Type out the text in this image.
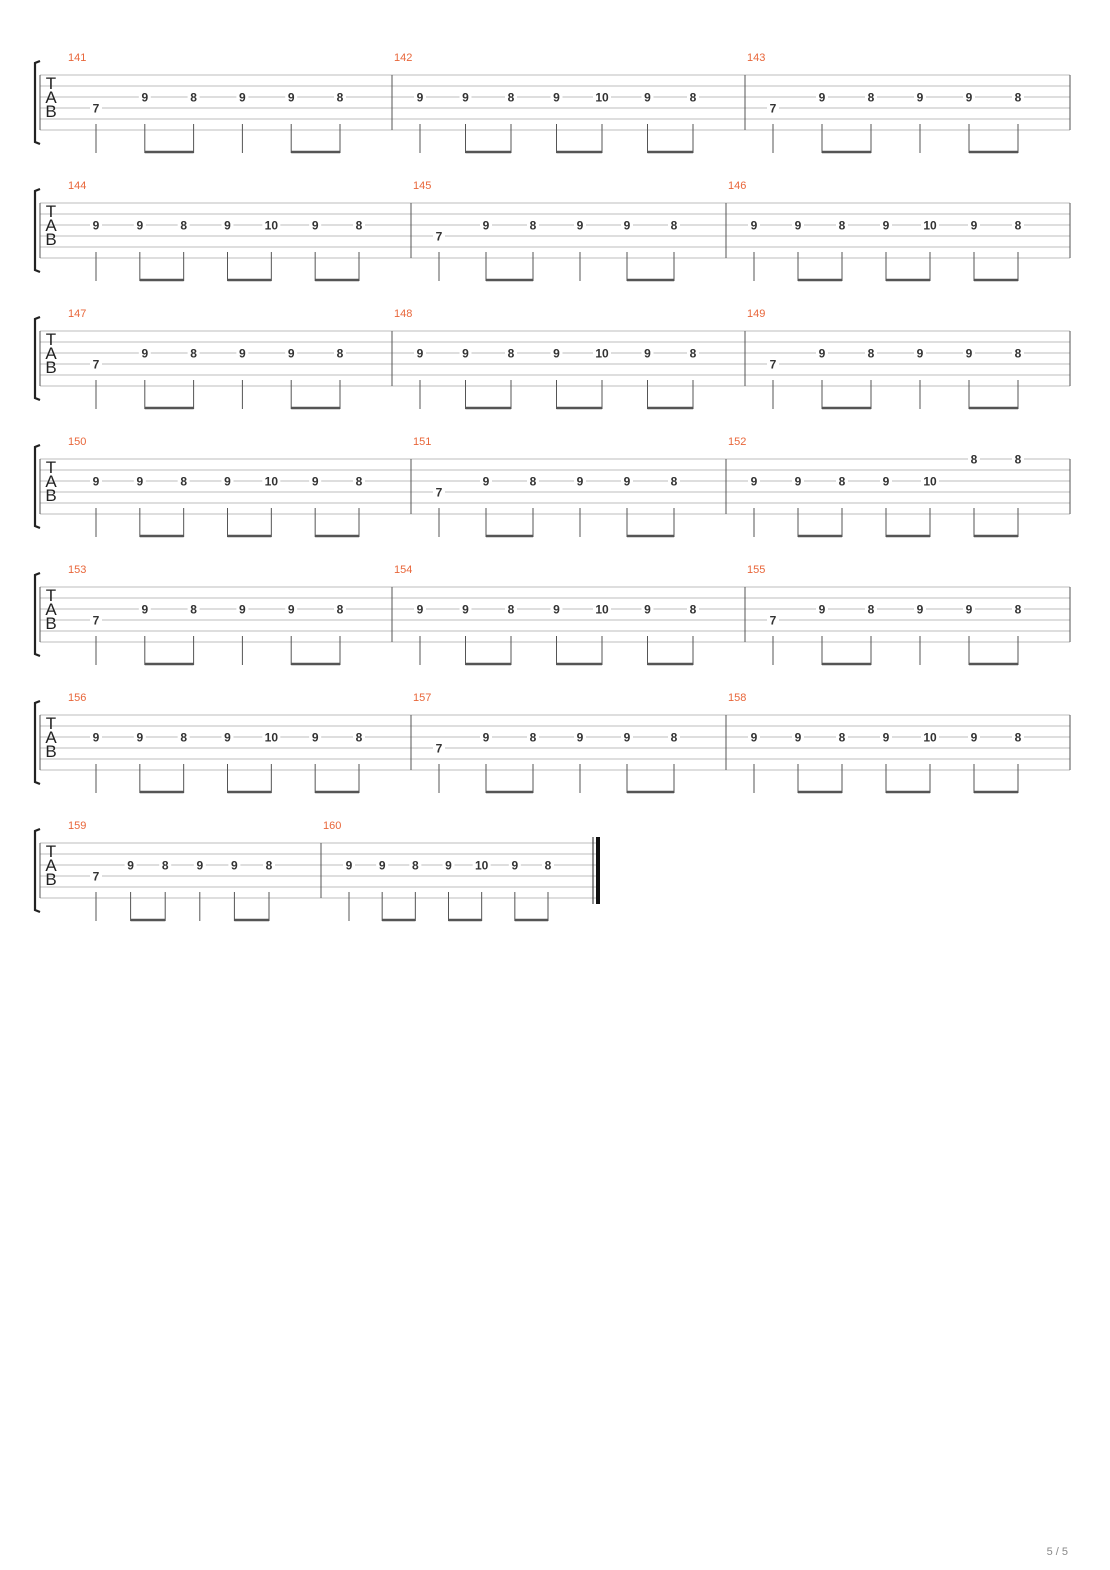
T
A
B
141
7
9	8	9	9	8
142
9	9	8	9	10	9	8
143
7
9	8	9	9	8
T
A
B
144
9	9	8	9	10	9	8
145
7
9	8	9	9	8
146
9	9	8	9	10	9	8
T
A
B
147
7
9	8	9	9	8
148
9	9	8	9	10	9	8
149
7
9	8	9	9	8
T
A
B
150
9	9	8	9	10	9	8
151
7
9	8	9	9	8
152
9	9	8	9	10
8	8
T
A
B
153
7
9	8	9	9	8
154
9	9	8	9	10	9	8
155
7
9	8	9	9	8
T
A
B
156
9	9	8	9	10	9	8
157
7
9	8	9	9	8
158
9	9	8	9	10	9	8
T
A
B
159
7
9 8 9 9 8
160
9 9 8 9 10 9 8
5 / 5
